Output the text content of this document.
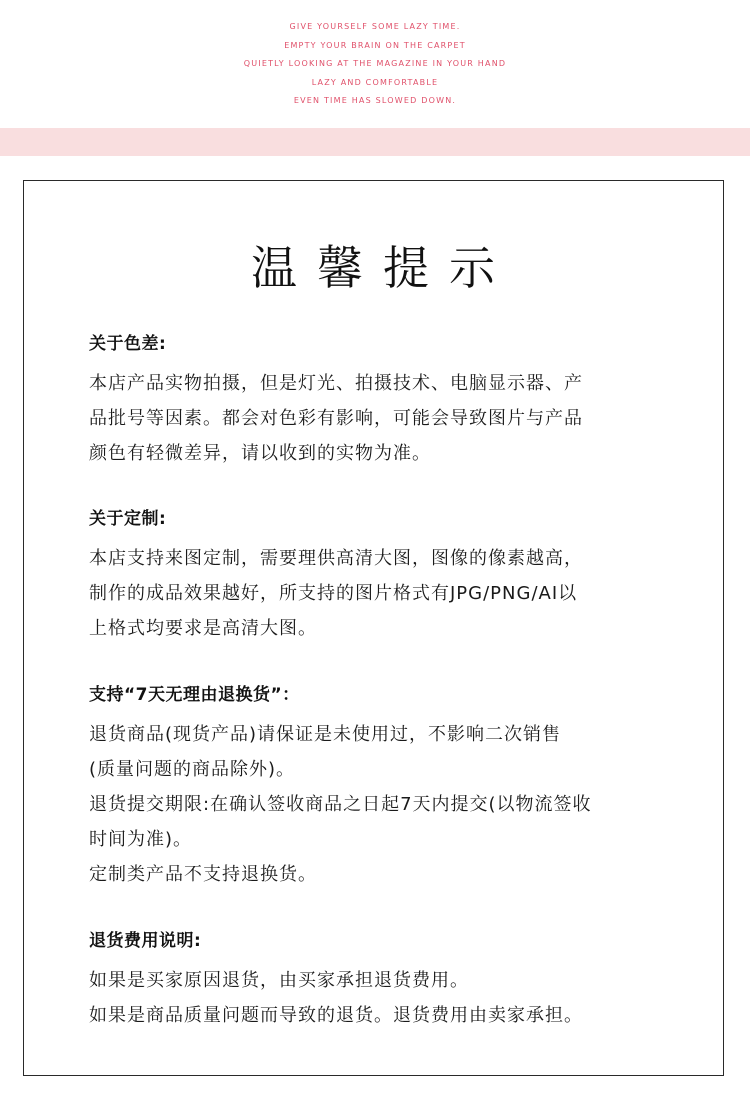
GIVE YOURSELF SOME LAZY TIME.
EMPTY YOUR BRAIN ON THE CARPET
QUIETLY LOOKING AT THE MAGAZINE IN YOUR HAND
LAZY AND COMFORTABLE
EVEN TIME HAS SLOWED DOWN.
温馨提示
关于色差:
本店产品实物拍摄，但是灯光、拍摄技术、电脑显示器、产
品批号等因素。都会对色彩有影响，可能会导致图片与产品
颜色有轻微差异，请以收到的实物为准。
关于定制:
本店支持来图定制，需要理供高清大图，图像的像素越高，
制作的成品效果越好，所支持的图片格式有JPG/PNG/AI以
上格式均要求是高清大图。
支持“7天无理由退换货”：
退货商品(现货产品)请保证是未使用过，不影响二次销售
(质量问题的商品除外)。
退货提交期限:在确认签收商品之日起7天内提交(以物流签收
时间为准)。
定制类产品不支持退换货。
退货费用说明:
如果是买家原因退货，由买家承担退货费用。
如果是商品质量问题而导致的退货。退货费用由卖家承担。
